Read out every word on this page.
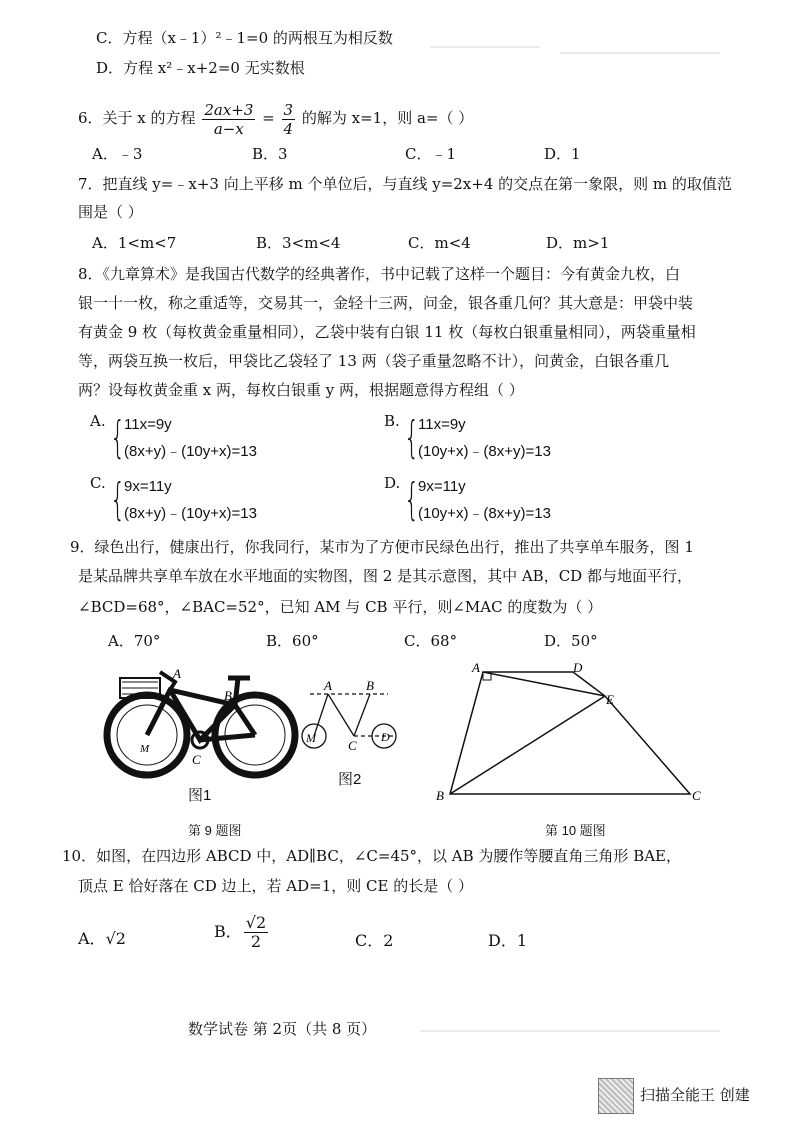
C．方程（x﹣1）²﹣1=0 的两根互为相反数
D．方程 x²﹣x+2=0 无实数根
6．关于 x 的方程 $\frac{2ax+3}{a-x} = \frac{3}{4}$ 的解为 x=1，则 a=（ ）
A．﹣3	B．3	C．﹣1	D．1
7．把直线 y=﹣x+3 向上平移 m 个单位后，与直线 y=2x+4 的交点在第一象限，则 m 的取值范
围是（ ）
A．1<m<7	B．3<m<4	C．m<4	D．m>1
8．《九章算术》是我国古代数学的经典著作，书中记载了这样一个题目：今有黄金九枚，白
银一十一枚，称之重适等，交易其一，金轻十三两，问金，银各重几何？其大意是：甲袋中装
有黄金 9 枚（每枚黄金重量相同），乙袋中装有白银 11 枚（每枚白银重量相同），两袋重量相
等，两袋互换一枚后，甲袋比乙袋轻了 13 两（袋子重量忽略不计），问黄金，白银各重几
两？设每枚黄金重 x 两，每枚白银重 y 两，根据题意得方程组（ ）
A. {
11x=9y
(8x+y)﹣(10y+x)=13
B. {
11x=9y
(10y+x)﹣(8x+y)=13
C. {
9x=11y
(8x+y)﹣(10y+x)=13
D. {
9x=11y
(10y+x)﹣(8x+y)=13
9．绿色出行，健康出行，你我同行，某市为了方便市民绿色出行，推出了共享单车服务，图 1
是某品牌共享单车放在水平地面的实物图，图 2 是其示意图，其中 AB，CD 都与地面平行，
∠BCD=68°，∠BAC=52°，已知 AM 与 CB 平行，则∠MAC 的度数为（ ）
A．70°	B．60°	C．68°	D．50°
A
B
C
M
图1
A	B
M C
D
图2
第 9 题图
A	D
E
B	C
第 10 题图
10．如图，在四边形 ABCD 中，AD∥BC，∠C=45°，以 AB 为腰作等腰直角三角形 BAE，
顶点 E 恰好落在 CD 边上，若 AD=1，则 CE 的长是（ ）
A．√2	B． $\frac{√2}{2}$	C．2	D．1
数学试卷 第 2页（共 8 页）
扫描全能王 创建
